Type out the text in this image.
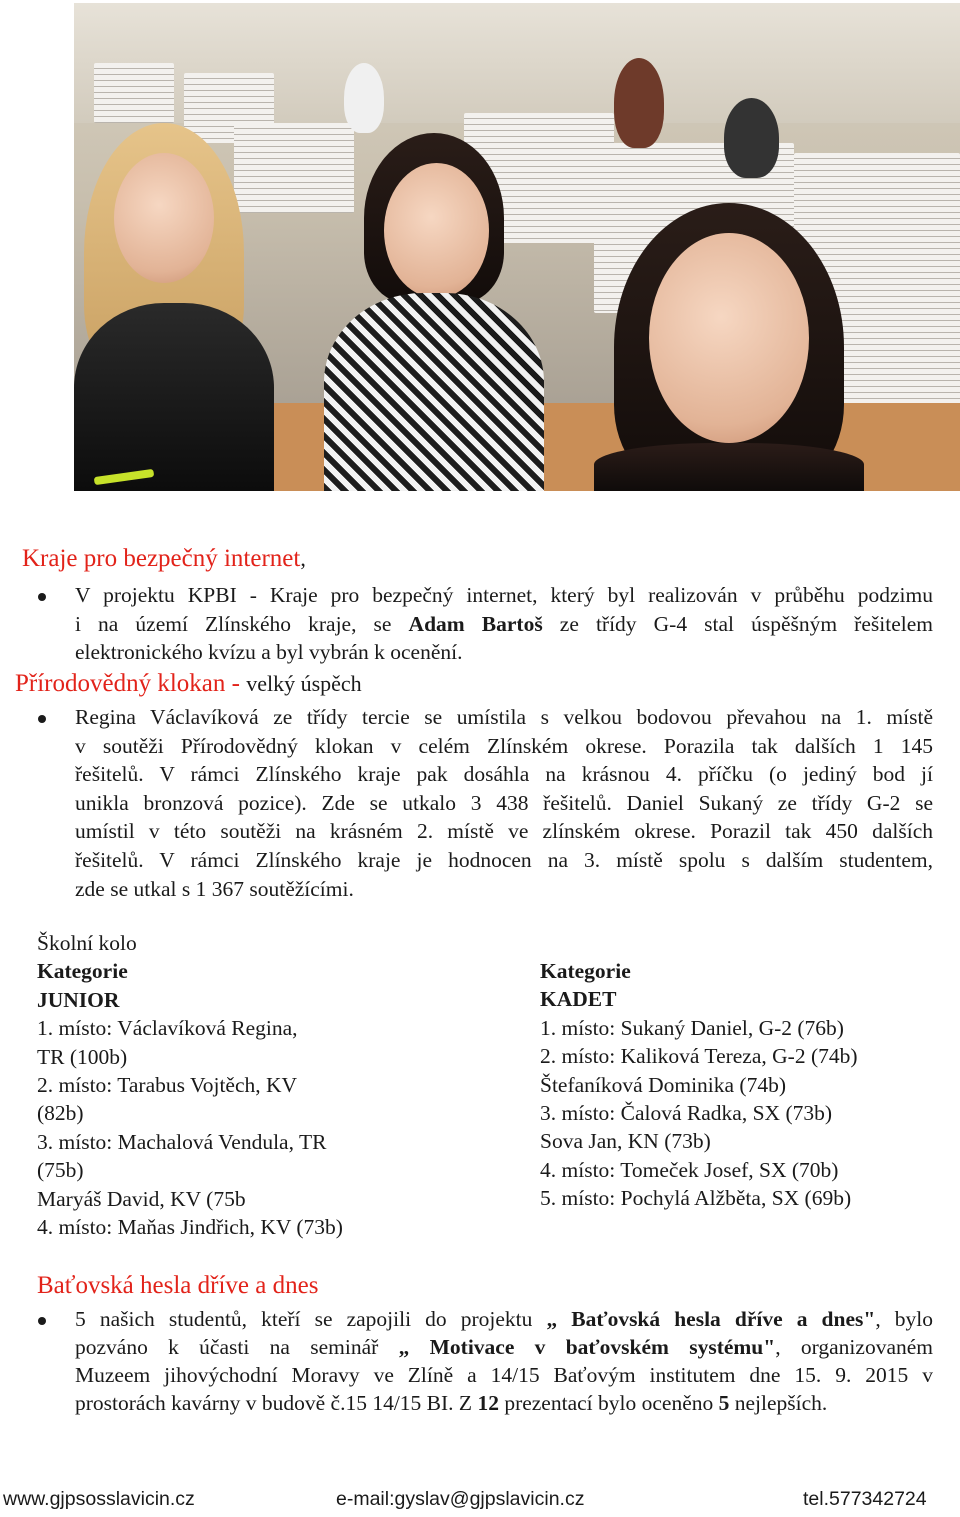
Kraje pro bezpečný internet,
V projektu KPBI - Kraje pro bezpečný internet, který byl realizován v průběhu podzimu
i na území Zlínského kraje, se Adam Bartoš ze třídy G-4 stal úspěšným řešitelem
elektronického kvízu a byl vybrán k ocenění.
Přírodovědný klokan - velký úspěch
Regina Václavíková ze třídy tercie se umístila s velkou bodovou převahou na 1. místě
v soutěži Přírodovědný klokan v celém Zlínském okrese. Porazila tak dalších 1 145
řešitelů. V rámci Zlínského kraje pak dosáhla na krásnou 4. příčku (o jediný bod jí
unikla bronzová pozice). Zde se utkalo 3 438 řešitelů. Daniel Sukaný ze třídy G-2 se
umístil v této soutěži na krásném 2. místě ve zlínském okrese. Porazil tak 450 dalších
řešitelů. V rámci Zlínského kraje je hodnocen na 3. místě spolu s dalším studentem,
zde se utkal s 1 367 soutěžícími.
Školní kolo
Kategorie
JUNIOR
1. místo: Václavíková Regina,
TR (100b)
2. místo: Tarabus Vojtěch, KV
(82b)
3. místo: Machalová Vendula, TR
(75b)
Maryáš David, KV (75b
4. místo: Maňas Jindřich, KV (73b)
Kategorie
KADET
1. místo: Sukaný Daniel, G-2 (76b)
2. místo: Kaliková Tereza, G-2 (74b)
Štefaníková Dominika (74b)
3. místo: Čalová Radka, SX (73b)
Sova Jan, KN (73b)
4. místo: Tomeček Josef, SX (70b)
5. místo: Pochylá Alžběta, SX (69b)
Baťovská hesla dříve a dnes
5 našich studentů, kteří se zapojili do projektu „ Baťovská hesla dříve a dnes", bylo
pozváno k účasti na seminář „ Motivace v baťovském systému", organizovaném
Muzeem jihovýchodní Moravy ve Zlíně a 14/15 Baťovým institutem dne 15. 9. 2015 v
prostorách kavárny v budově č.15 14/15 BI. Z 12 prezentací bylo oceněno 5 nejlepších.
www.gjpsosslavicin.cz	e-mail:gyslav@gjpslavicin.cz	tel.577342724
